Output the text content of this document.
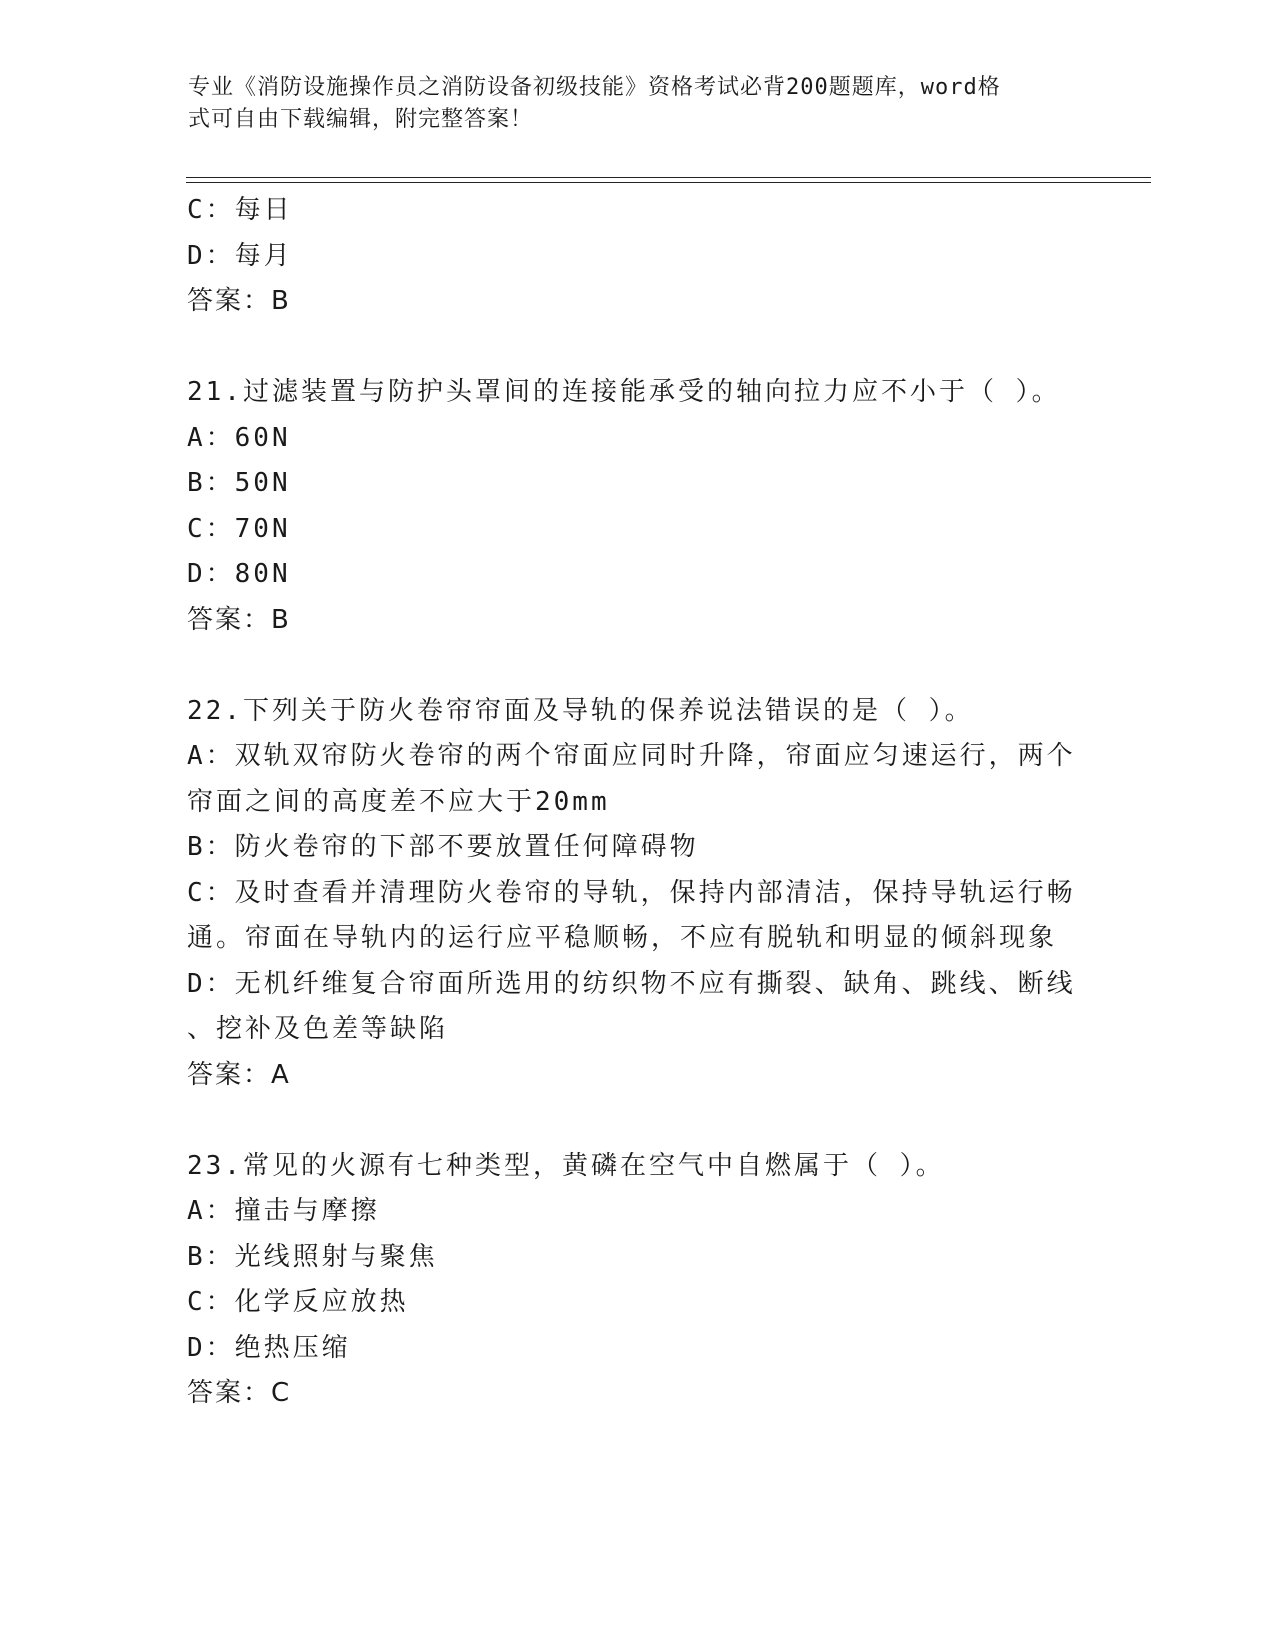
专业《消防设施操作员之消防设备初级技能》资格考试必背200题题库，word格
式可自由下载编辑，附完整答案！
C：每日
D：每月
答案：B
21.过滤装置与防护头罩间的连接能承受的轴向拉力应不小于（ ）。
A：60N
B：50N
C：70N
D：80N
答案：B
22.下列关于防火卷帘帘面及导轨的保养说法错误的是（ ）。
A：双轨双帘防火卷帘的两个帘面应同时升降，帘面应匀速运行，两个
帘面之间的高度差不应大于20mm
B：防火卷帘的下部不要放置任何障碍物
C：及时查看并清理防火卷帘的导轨，保持内部清洁，保持导轨运行畅
通。帘面在导轨内的运行应平稳顺畅，不应有脱轨和明显的倾斜现象
D：无机纤维复合帘面所选用的纺织物不应有撕裂、缺角、跳线、断线
、挖补及色差等缺陷
答案：A
23.常见的火源有七种类型，黄磷在空气中自燃属于（ ）。
A：撞击与摩擦
B：光线照射与聚焦
C：化学反应放热
D：绝热压缩
答案：C
